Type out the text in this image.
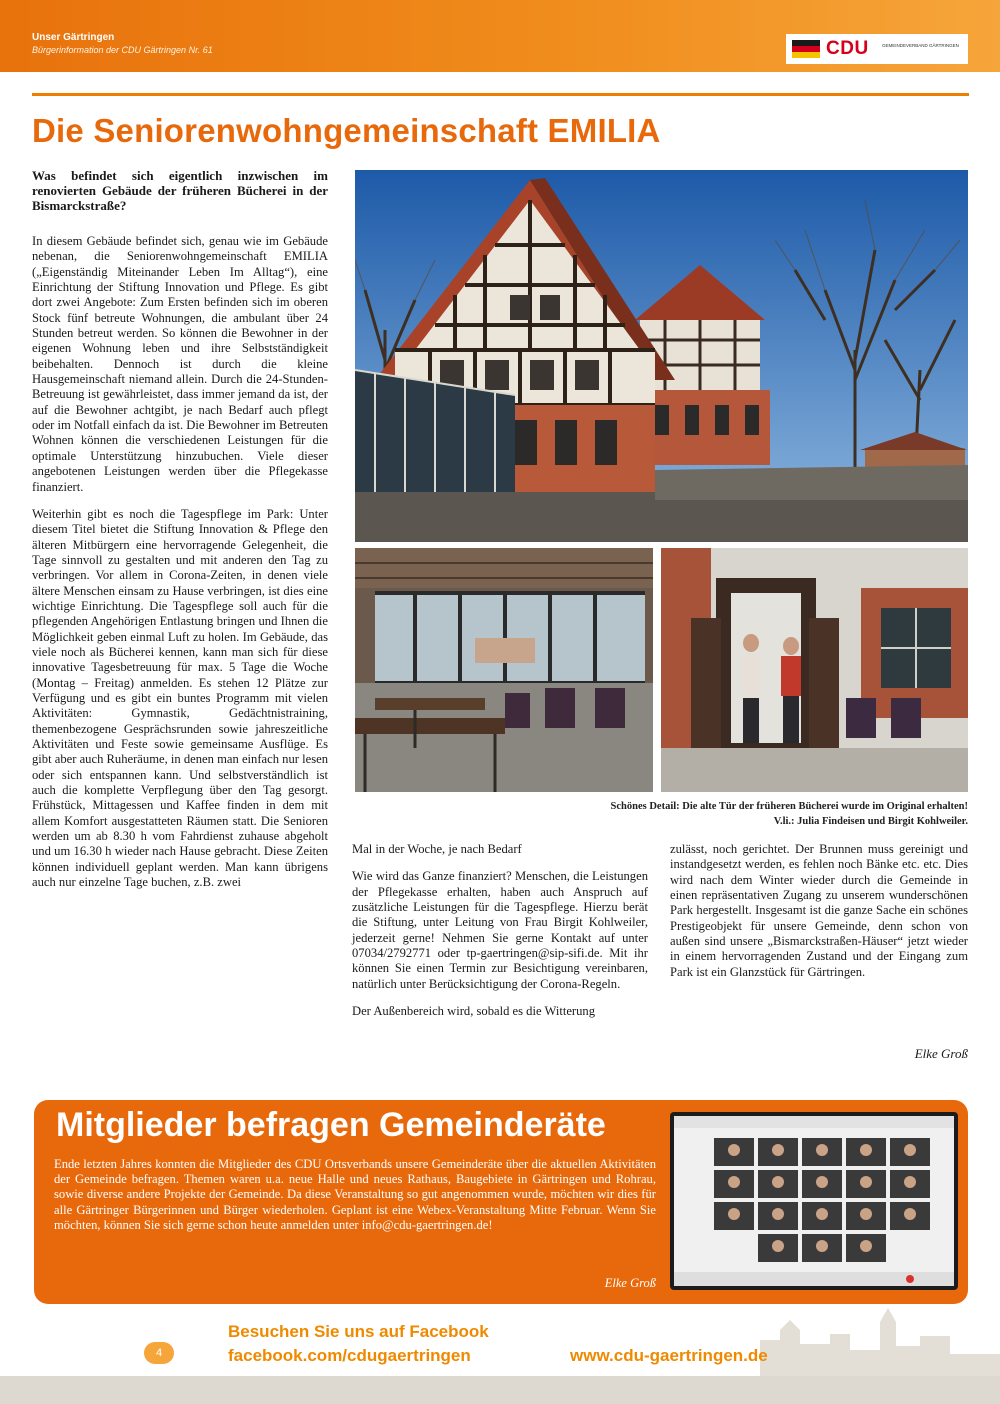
Unser Gärtringen
Bürgerinformation der CDU Gärtringen Nr. 61	CDU	GEMEINDEVERBAND GÄRTRINGEN
Die Seniorenwohngemeinschaft EMILIA
Was befindet sich eigentlich inzwischen im renovierten Gebäude der früheren Bücherei in der Bismarckstraße?

In diesem Gebäude befindet sich, genau wie im Gebäude nebenan, die Seniorenwohngemeinschaft EMILIA („Eigenständig Miteinander Leben Im Alltag“), eine Einrichtung der Stiftung Innovation und Pflege. Es gibt dort zwei Angebote: Zum Ersten befinden sich im oberen Stock fünf betreute Wohnungen, die ambulant über 24 Stunden betreut werden. So können die Bewohner in der eigenen Wohnung leben und ihre Selbstständigkeit beibehalten. Dennoch ist durch die kleine Hausgemeinschaft niemand allein. Durch die 24-Stunden-Betreuung ist gewährleistet, dass immer jemand da ist, der auf die Bewohner achtgibt, je nach Bedarf auch pflegt oder im Notfall einfach da ist. Die Bewohner im Betreuten Wohnen können die verschiedenen Leistungen für die optimale Unterstützung hinzubuchen. Viele dieser angebotenen Leistungen werden über die Pflegekasse finanziert.

Weiterhin gibt es noch die Tagespflege im Park: Unter diesem Titel bietet die Stiftung Innovation & Pflege den älteren Mitbürgern eine hervorragende Gelegenheit, die Tage sinnvoll zu gestalten und mit anderen den Tag zu verbringen. Vor allem in Corona-Zeiten, in denen viele ältere Menschen einsam zu Hause verbringen, ist dies eine wichtige Einrichtung. Die Tagespflege soll auch für die pflegenden Angehörigen Entlastung bringen und Ihnen die Möglichkeit geben einmal Luft zu holen. Im Gebäude, das viele noch als Bücherei kennen, kann man sich für diese innovative Tagesbetreuung für max. 5 Tage die Woche (Montag – Freitag) anmelden. Es stehen 12 Plätze zur Verfügung und es gibt ein buntes Programm mit vielen Aktivitäten: Gymnastik, Gedächtnistraining, themenbezogene Gesprächsrunden sowie jahreszeitliche Aktivitäten und Feste sowie gemeinsame Ausflüge. Es gibt aber auch Ruheräume, in denen man einfach nur lesen oder sich entspannen kann. Und selbstverständlich ist auch die komplette Verpflegung über den Tag gesorgt. Frühstück, Mittagessen und Kaffee finden in dem mit allem Komfort ausgestatteten Räumen statt. Die Senioren werden um ab 8.30 h vom Fahrdienst zuhause abgeholt und um 16.30 h wieder nach Hause gebracht. Diese Zeiten können individuell geplant werden. Man kann übrigens auch nur einzelne Tage buchen, z.B. zwei

Schönes Detail: Die alte Tür der früheren Bücherei wurde im Original erhalten!
V.li.: Julia Findeisen und Birgit Kohlweiler.

Mal in der Woche, je nach Bedarf

Wie wird das Ganze finanziert? Menschen, die Leistungen der Pflegekasse erhalten, haben auch Anspruch auf zusätzliche Leistungen für die Tagespflege. Hierzu berät die Stiftung, unter Leitung von Frau Birgit Kohlweiler, jederzeit gerne! Nehmen Sie gerne Kontakt auf unter 07034/2792771 oder tp-gaertringen@sip-sifi.de. Mit ihr können Sie einen Termin zur Besichtigung vereinbaren, natürlich unter Berücksichtigung der Corona-Regeln.

Der Außenbereich wird, sobald es die Witterung

zulässt, noch gerichtet. Der Brunnen muss gereinigt und instandgesetzt werden, es fehlen noch Bänke etc. etc. Dies wird nach dem Winter wieder durch die Gemeinde in einen repräsentativen Zugang zu unserem wunderschönen Park hergestellt. Insgesamt ist die ganze Sache ein schönes Prestigeobjekt für unsere Gemeinde, denn schon von außen sind unsere „Bismarckstraßen-Häuser“ jetzt wieder in einem hervorragenden Zustand und der Eingang zum Park ist ein Glanzstück für Gärtringen.

Elke Groß
Mitglieder befragen Gemeinderäte
Ende letzten Jahres konnten die Mitglieder des CDU Ortsverbands unsere Gemeinderäte über die aktuellen Aktivitäten der Gemeinde befragen. Themen waren u.a. neue Halle und neues Rathaus, Baugebiete in Gärtringen und Rohrau, sowie diverse andere Projekte der Gemeinde. Da diese Veranstaltung so gut angenommen wurde, möchten wir dies für alle Gärtringer Bürgerinnen und Bürger wiederholen. Geplant ist eine Webex-Veranstaltung Mitte Februar. Wenn Sie möchten, können Sie sich gerne schon heute anmelden unter info@cdu-gaertringen.de!
Elke Groß
4
Besuchen Sie uns auf Facebook
facebook.com/cdugaertringen	www.cdu-gaertringen.de
